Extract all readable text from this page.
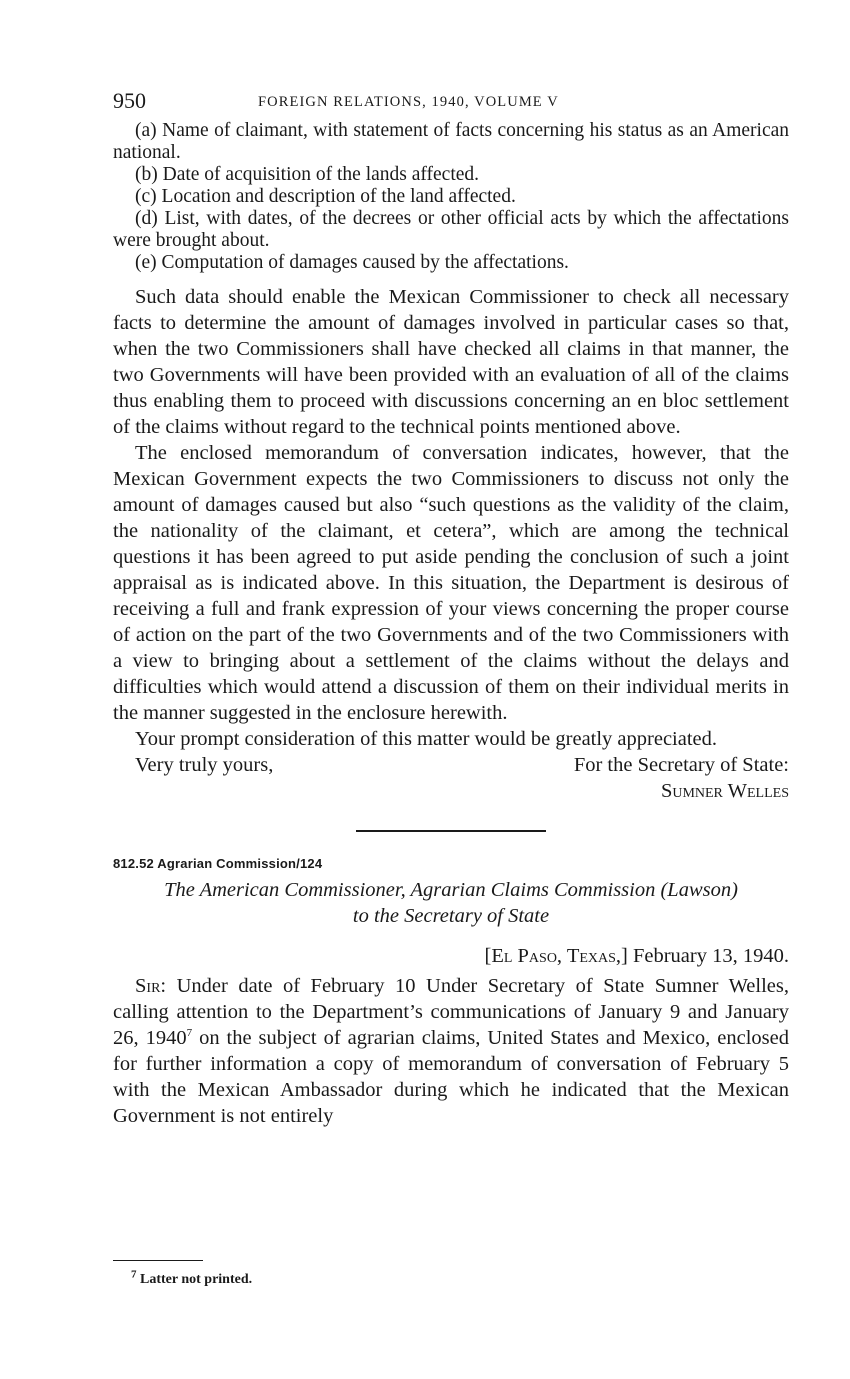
950	FOREIGN RELATIONS, 1940, VOLUME V
(a) Name of claimant, with statement of facts concerning his status as an American national.
(b) Date of acquisition of the lands affected.
(c) Location and description of the land affected.
(d) List, with dates, of the decrees or other official acts by which the affectations were brought about.
(e) Computation of damages caused by the affectations.

Such data should enable the Mexican Commissioner to check all necessary facts to determine the amount of damages involved in particular cases so that, when the two Commissioners shall have checked all claims in that manner, the two Governments will have been provided with an evaluation of all of the claims thus enabling them to proceed with discussions concerning an en bloc settlement of the claims without regard to the technical points mentioned above.

The enclosed memorandum of conversation indicates, however, that the Mexican Government expects the two Commissioners to discuss not only the amount of damages caused but also “such questions as the validity of the claim, the nationality of the claimant, et cetera”, which are among the technical questions it has been agreed to put aside pending the conclusion of such a joint appraisal as is indicated above. In this situation, the Department is desirous of receiving a full and frank expression of your views concerning the proper course of action on the part of the two Governments and of the two Commissioners with a view to bringing about a settlement of the claims without the delays and difficulties which would attend a discussion of them on their individual merits in the manner suggested in the enclosure herewith.

Your prompt consideration of this matter would be greatly appreciated.

Very truly yours,	For the Secretary of State:
Sumner Welles
812.52 Agrarian Commission/124
The American Commissioner, Agrarian Claims Commission (Lawson)
to the Secretary of State
[El Paso, Texas,] February 13, 1940.

Sir: Under date of February 10 Under Secretary of State Sumner Welles, calling attention to the Department’s communications of January 9 and January 26, 1940$^7$ on the subject of agrarian claims, United States and Mexico, enclosed for further information a copy of memorandum of conversation of February 5 with the Mexican Ambassador during which he indicated that the Mexican Government is not entirely

$^7$ Latter not printed.
